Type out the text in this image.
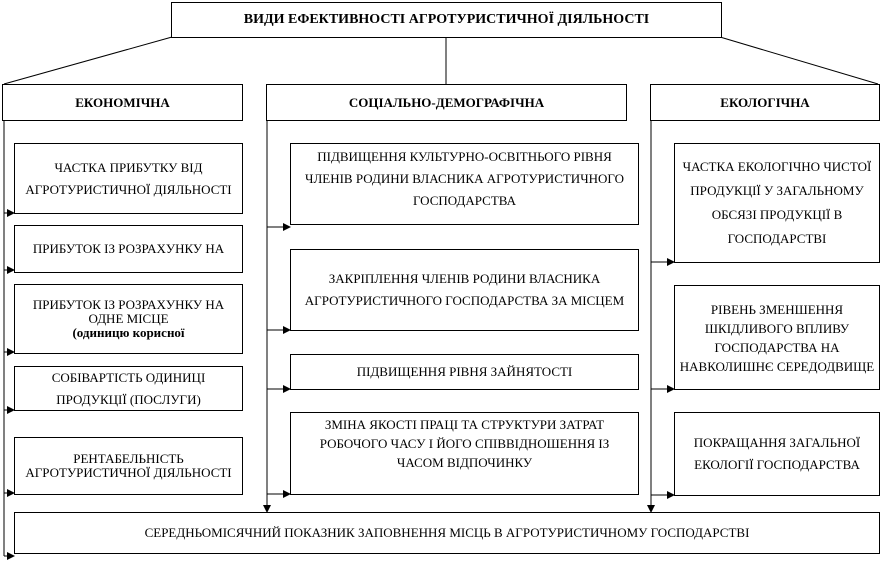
ВИДИ ЕФЕКТИВНОСТІ АГРОТУРИСТИЧНОЇ ДІЯЛЬНОСТІ
ЕКОНОМІЧНА	СОЦІАЛЬНО-ДЕМОГРАФІЧНА	ЕКОЛОГІЧНА
ЧАСТКА ПРИБУТКУ ВІД АГРОТУРИСТИЧНОЇ ДІЯЛЬНОСТІ
ПРИБУТОК ІЗ РОЗРАХУНКУ НА
ПРИБУТОК ІЗ РОЗРАХУНКУ НА ОДНЕ МІСЦЕ
(одиницю корисної
СОБІВАРТІСТЬ ОДИНИЦІ ПРОДУКЦІЇ (ПОСЛУГИ)
РЕНТАБЕЛЬНІСТЬ АГРОТУРИСТИЧНОЇ ДІЯЛЬНОСТІ
ПІДВИЩЕННЯ КУЛЬТУРНО-ОСВІТНЬОГО РІВНЯ ЧЛЕНІВ РОДИНИ ВЛАСНИКА АГРОТУРИСТИЧНОГО ГОСПОДАРСТВА
ЗАКРІПЛЕННЯ ЧЛЕНІВ РОДИНИ ВЛАСНИКА АГРОТУРИСТИЧНОГО ГОСПОДАРСТВА ЗА МІСЦЕМ
ПІДВИЩЕННЯ РІВНЯ ЗАЙНЯТОСТІ
ЗМІНА ЯКОСТІ ПРАЦІ ТА СТРУКТУРИ ЗАТРАТ РОБОЧОГО ЧАСУ І ЙОГО СПІВВІДНОШЕННЯ ІЗ ЧАСОМ ВІДПОЧИНКУ
ЧАСТКА ЕКОЛОГІЧНО ЧИСТОЇ ПРОДУКЦІЇ У ЗАГАЛЬНОМУ ОБСЯЗІ ПРОДУКЦІЇ В ГОСПОДАРСТВІ
РІВЕНЬ ЗМЕНШЕННЯ ШКІДЛИВОГО ВПЛИВУ ГОСПОДАРСТВА НА НАВКОЛИШНЄ СЕРЕДОДВИЩЕ
ПОКРАЩАННЯ ЗАГАЛЬНОЇ ЕКОЛОГІЇ ГОСПОДАРСТВА
СЕРЕДНЬОМІСЯЧНИЙ ПОКАЗНИК ЗАПОВНЕННЯ МІСЦЬ В АГРОТУРИСТИЧНОМУ ГОСПОДАРСТВІ
